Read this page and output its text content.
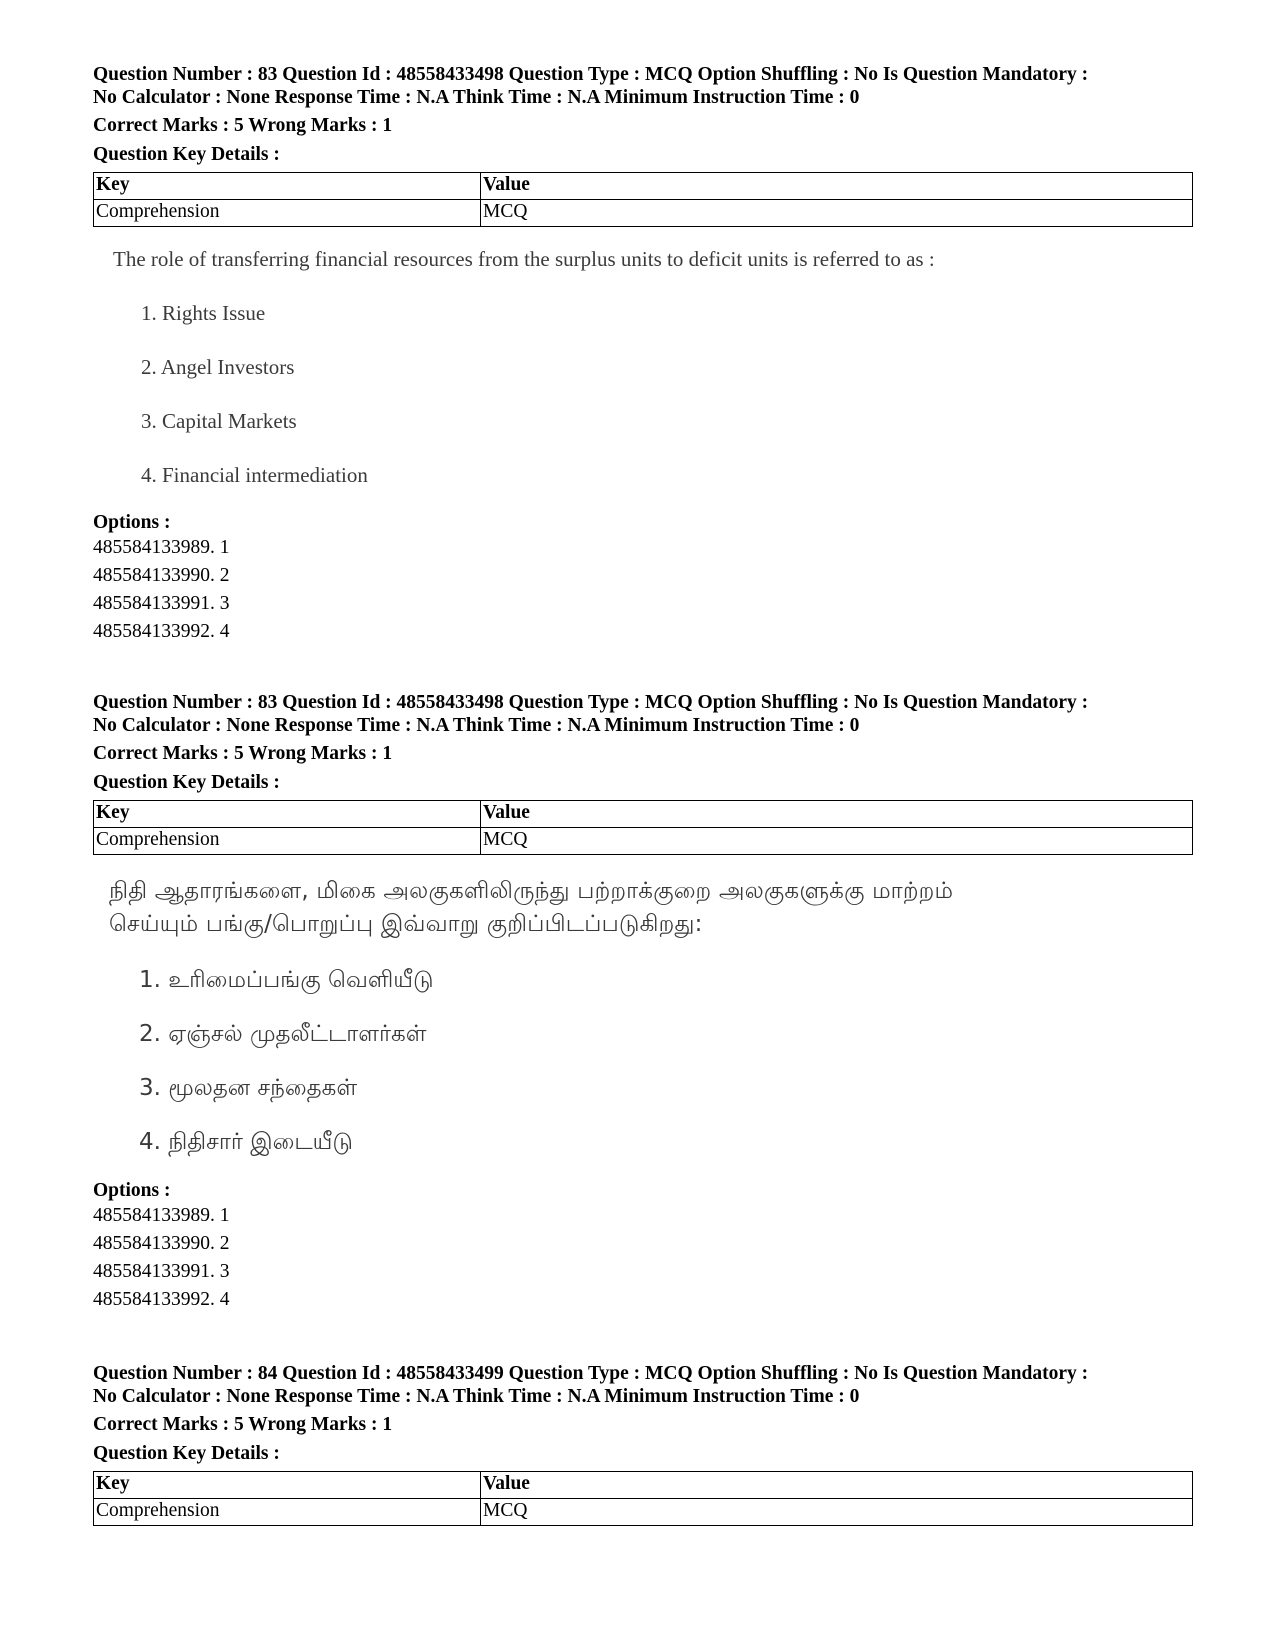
Question Number : 83 Question Id : 48558433498 Question Type : MCQ Option Shuffling : No Is Question Mandatory :
No Calculator : None Response Time : N.A Think Time : N.A Minimum Instruction Time : 0
Correct Marks : 5 Wrong Marks : 1
Question Key Details :
Key	Value
Comprehension	MCQ
The role of transferring financial resources from the surplus units to deficit units is referred to as :
1. Rights Issue
2. Angel Investors
3. Capital Markets
4. Financial intermediation
Options :
485584133989. 1
485584133990. 2
485584133991. 3
485584133992. 4
Question Number : 83 Question Id : 48558433498 Question Type : MCQ Option Shuffling : No Is Question Mandatory :
No Calculator : None Response Time : N.A Think Time : N.A Minimum Instruction Time : 0
Correct Marks : 5 Wrong Marks : 1
Question Key Details :
Key	Value
Comprehension	MCQ
நிதி ஆதாரங்களை, மிகை அலகுகளிலிருந்து பற்றாக்குறை அலகுகளுக்கு மாற்றம்
செய்யும் பங்கு/பொறுப்பு இவ்வாறு குறிப்பிடப்படுகிறது:
1. உரிமைப்பங்கு வெளியீடு
2. ஏஞ்சல் முதலீட்டாளர்கள்
3. மூலதன சந்தைகள்
4. நிதிசார் இடையீடு
Options :
485584133989. 1
485584133990. 2
485584133991. 3
485584133992. 4
Question Number : 84 Question Id : 48558433499 Question Type : MCQ Option Shuffling : No Is Question Mandatory :
No Calculator : None Response Time : N.A Think Time : N.A Minimum Instruction Time : 0
Correct Marks : 5 Wrong Marks : 1
Question Key Details :
Key	Value
Comprehension	MCQ
